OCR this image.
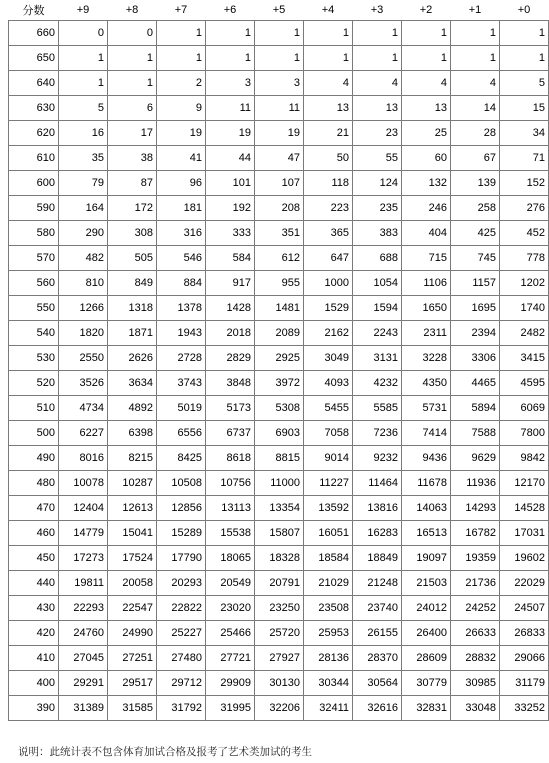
分数	+9	+8	+7	+6	+5	+4	+3	+2	+1	+0
660	0	0	1	1	1	1	1	1	1	1
650	1	1	1	1	1	1	1	1	1	1
640	1	1	2	3	3	4	4	4	4	5
630	5	6	9	11	11	13	13	13	14	15
620	16	17	19	19	19	21	23	25	28	34
610	35	38	41	44	47	50	55	60	67	71
600	79	87	96	101	107	118	124	132	139	152
590	164	172	181	192	208	223	235	246	258	276
580	290	308	316	333	351	365	383	404	425	452
570	482	505	546	584	612	647	688	715	745	778
560	810	849	884	917	955	1000	1054	1106	1157	1202
550	1266	1318	1378	1428	1481	1529	1594	1650	1695	1740
540	1820	1871	1943	2018	2089	2162	2243	2311	2394	2482
530	2550	2626	2728	2829	2925	3049	3131	3228	3306	3415
520	3526	3634	3743	3848	3972	4093	4232	4350	4465	4595
510	4734	4892	5019	5173	5308	5455	5585	5731	5894	6069
500	6227	6398	6556	6737	6903	7058	7236	7414	7588	7800
490	8016	8215	8425	8618	8815	9014	9232	9436	9629	9842
480	10078	10287	10508	10756	11000	11227	11464	11678	11936	12170
470	12404	12613	12856	13113	13354	13592	13816	14063	14293	14528
460	14779	15041	15289	15538	15807	16051	16283	16513	16782	17031
450	17273	17524	17790	18065	18328	18584	18849	19097	19359	19602
440	19811	20058	20293	20549	20791	21029	21248	21503	21736	22029
430	22293	22547	22822	23020	23250	23508	23740	24012	24252	24507
420	24760	24990	25227	25466	25720	25953	26155	26400	26633	26833
410	27045	27251	27480	27721	27927	28136	28370	28609	28832	29066
400	29291	29517	29712	29909	30130	30344	30564	30779	30985	31179
390	31389	31585	31792	31995	32206	32411	32616	32831	33048	33252
说明：此统计表不包含体育加试合格及报考了艺术类加试的考生
